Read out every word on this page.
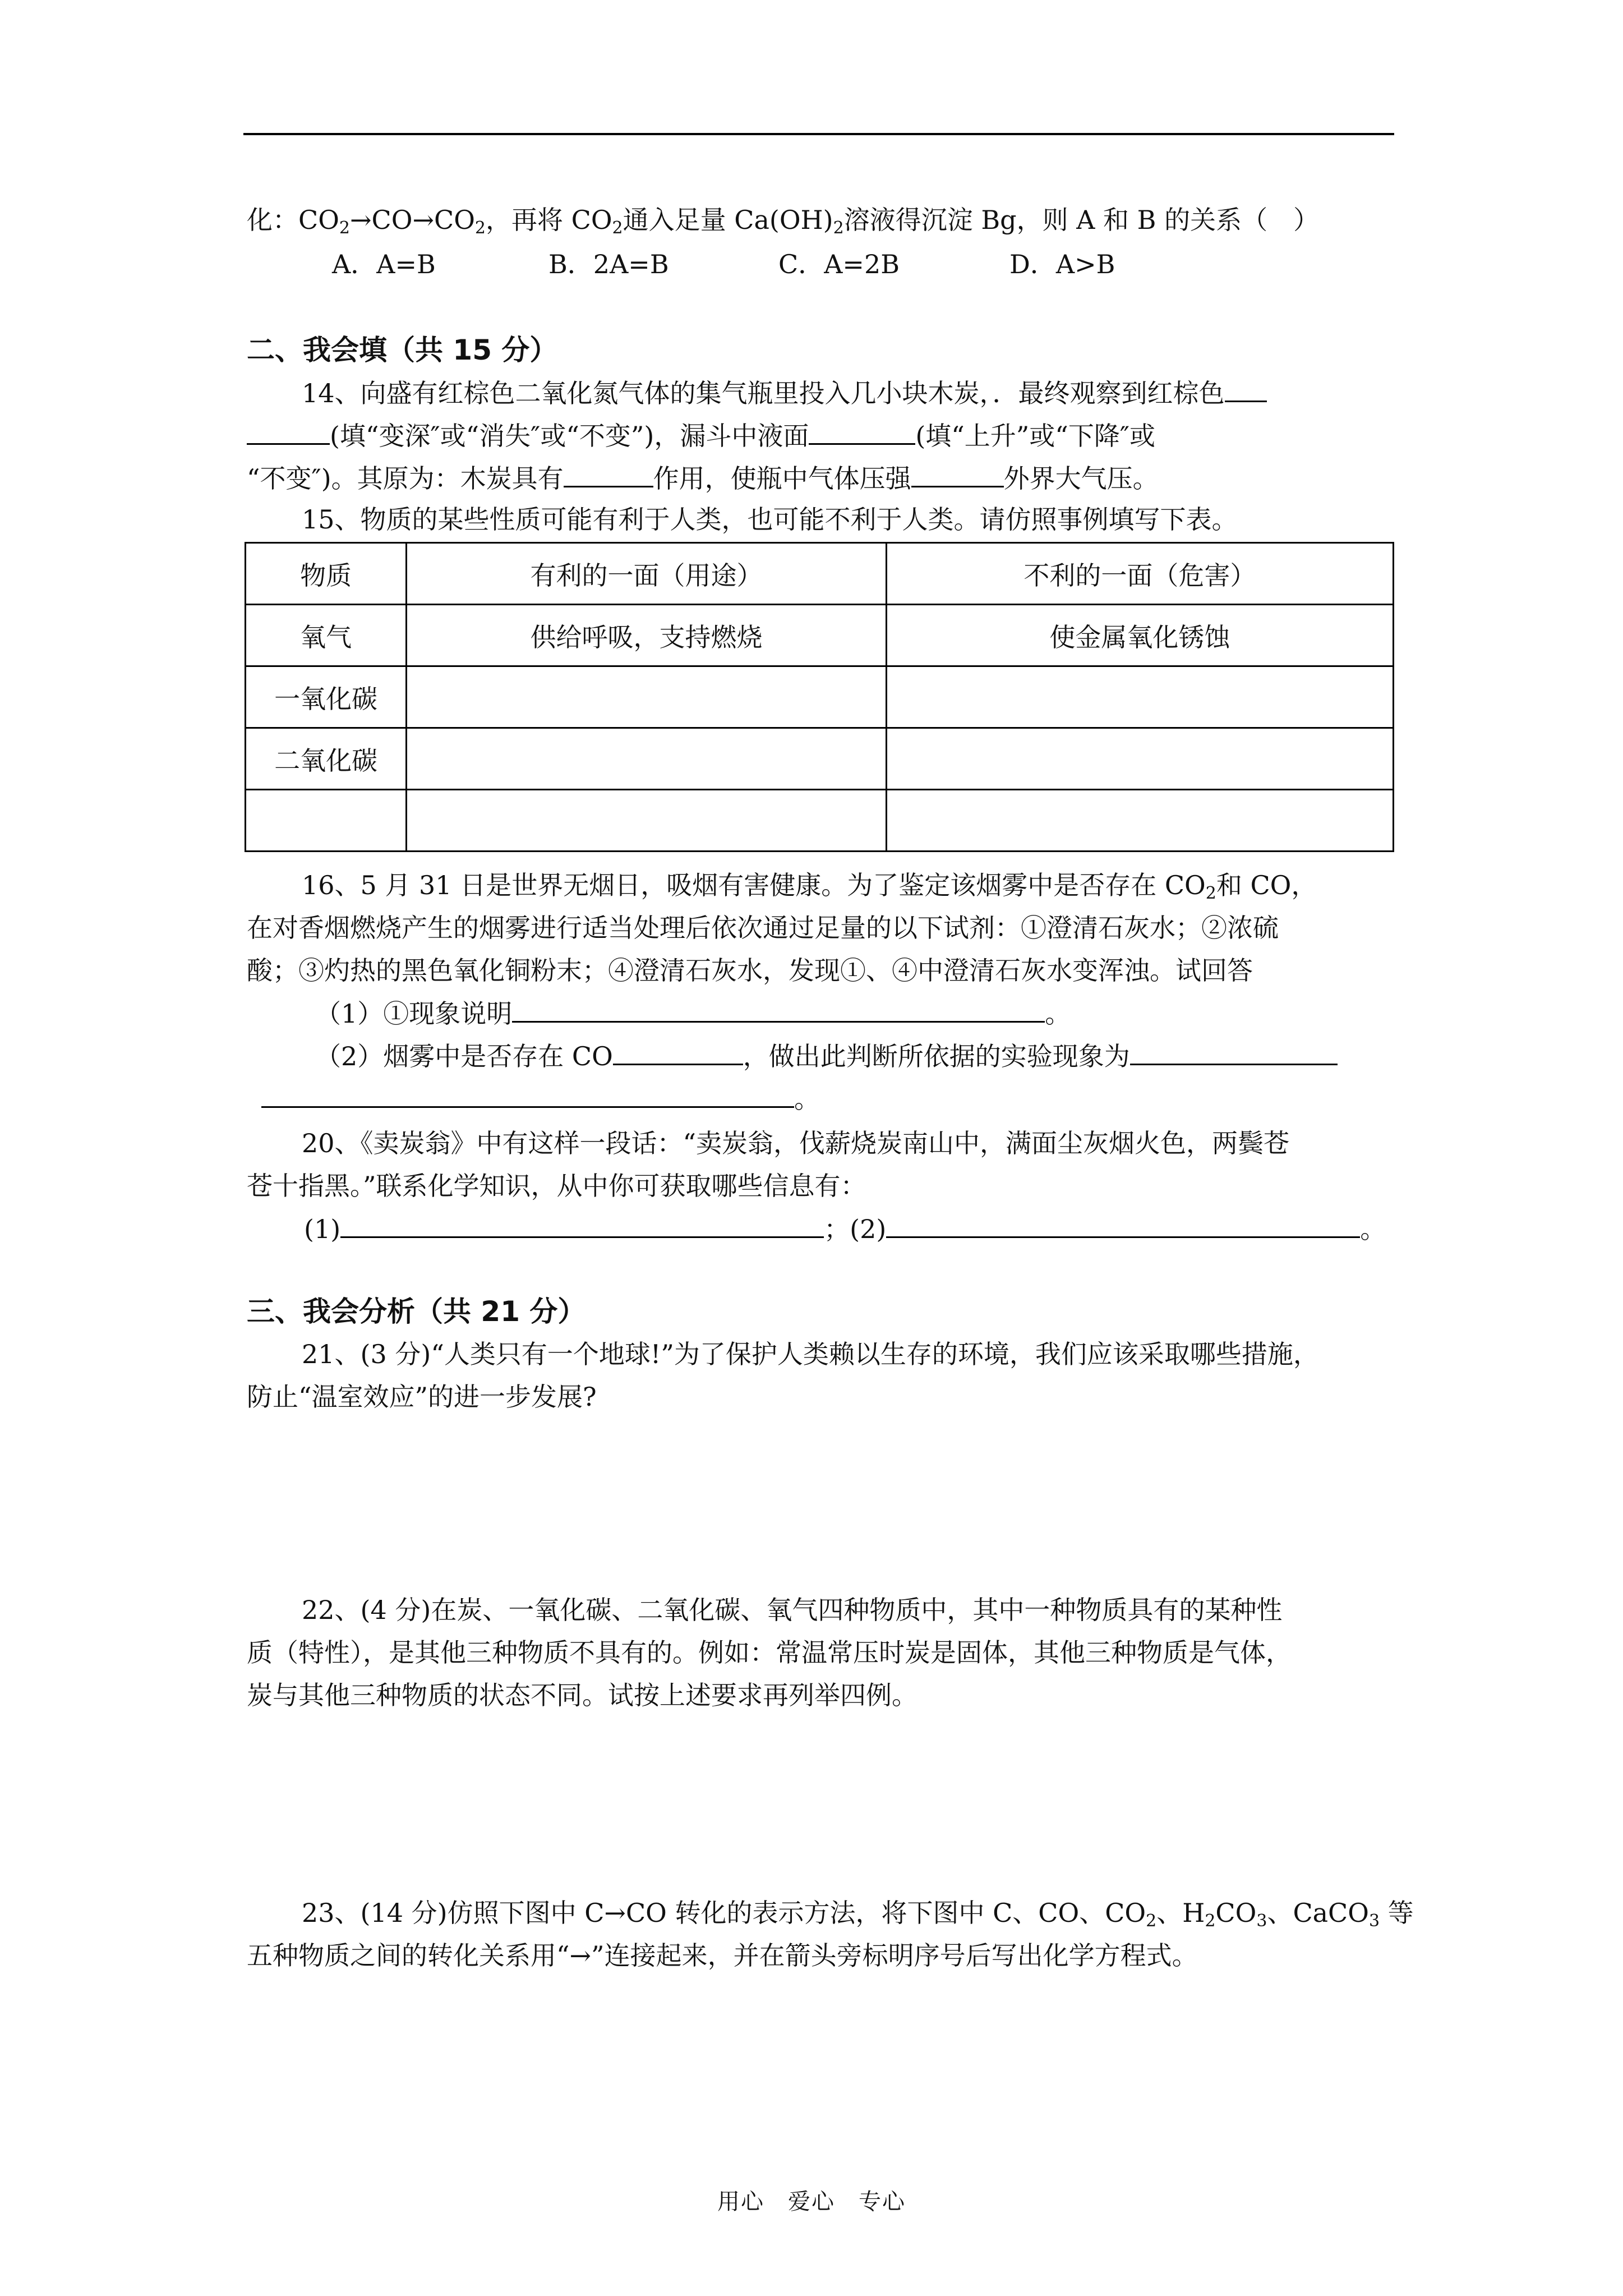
化：$CO_2\to CO\to CO_2$，再将 $CO_2$通入足量 $Ca(OH)_2$溶液得沉淀 Bg，则 A 和 B 的关系（　）
A．A=B	B．2A=B	C．A=2B	D．A>B
二、我会填（共 15 分）
14、向盛有红棕色二氧化氮气体的集气瓶里投入几小块木炭，．最终观察到红棕色
(填“变深″或“消失″或“不变”)，漏斗中液面	(填“上升”或“下降″或
“不变″)。其原为：木炭具有	作用，使瓶中气体压强	外界大气压。
15、物质的某些性质可能有利于人类，也可能不利于人类。请仿照事例填写下表。
物质	有利的一面（用途）	不利的一面（危害）
氧气	供给呼吸，支持燃烧	使金属氧化锈蚀
一氧化碳		
二氧化碳		

16、5 月 31 日是世界无烟日，吸烟有害健康。为了鉴定该烟雾中是否存在 $CO_2$和 CO，
在对香烟燃烧产生的烟雾进行适当处理后依次通过足量的以下试剂：①澄清石灰水；②浓硫
酸；③灼热的黑色氧化铜粉末；④澄清石灰水，发现①、④中澄清石灰水变浑浊。试回答
（1）①现象说明	。
（2）烟雾中是否存在 CO	，做出此判断所依据的实验现象为
。
20、《卖炭翁》中有这样一段话：“卖炭翁，伐薪烧炭南山中，满面尘灰烟火色，两鬓苍
苍十指黑。”联系化学知识，从中你可获取哪些信息有：
(1)	；(2)	。
三、我会分析（共 21 分）
21、(3 分)“人类只有一个地球!”为了保护人类赖以生存的环境，我们应该采取哪些措施，
防止“温室效应”的进一步发展?
22、(4 分)在炭、一氧化碳、二氧化碳、氧气四种物质中，其中一种物质具有的某种性
质（特性），是其他三种物质不具有的。例如：常温常压时炭是固体，其他三种物质是气体，
炭与其他三种物质的状态不同。试按上述要求再列举四例。
23、(14 分)仿照下图中 C→CO 转化的表示方法，将下图中 C、CO、$CO_2$、$H_2CO_3$、CaCO$_3$ 等
五种物质之间的转化关系用“→”连接起来，并在箭头旁标明序号后写出化学方程式。
用心　爱心　专心
